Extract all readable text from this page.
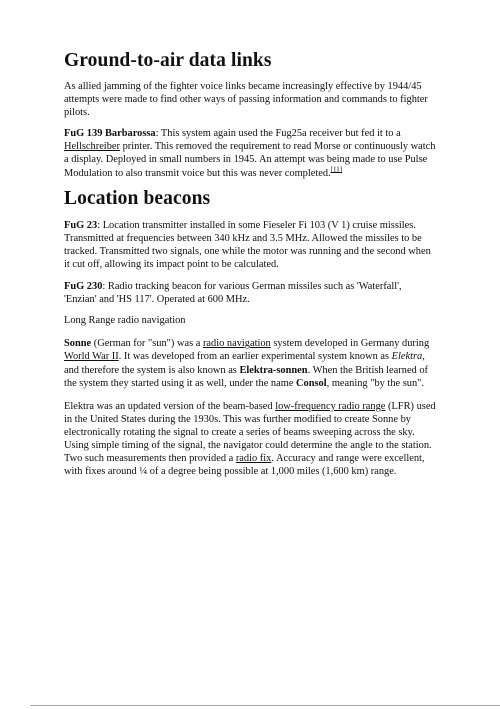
Ground-to-air data links

As allied jamming of the fighter voice links became increasingly effective by 1944/45 attempts were made to find other ways of passing information and commands to fighter pilots.

FuG 139 Barbarossa: This system again used the Fug25a receiver but fed it to a Hellschreiber printer. This removed the requirement to read Morse or continuously watch a display. Deployed in small numbers in 1945. An attempt was being made to use Pulse Modulation to also transmit voice but this was never completed.[11]

Location beacons

FuG 23: Location transmitter installed in some Fieseler Fi 103 (V 1) cruise missiles. Transmitted at frequencies between 340 kHz and 3.5 MHz. Allowed the missiles to be tracked. Transmitted two signals, one while the motor was running and the second when it cut off, allowing its impact point to be calculated.

FuG 230: Radio tracking beacon for various German missiles such as 'Waterfall', 'Enzian' and 'HS 117'. Operated at 600 MHz.

Long Range radio navigation

Sonne (German for "sun") was a radio navigation system developed in Germany during World War II. It was developed from an earlier experimental system known as Elektra, and therefore the system is also known as Elektra-sonnen. When the British learned of the system they started using it as well, under the name Consol, meaning "by the sun".

Elektra was an updated version of the beam-based low-frequency radio range (LFR) used in the United States during the 1930s. This was further modified to create Sonne by electronically rotating the signal to create a series of beams sweeping across the sky. Using simple timing of the signal, the navigator could determine the angle to the station. Two such measurements then provided a radio fix. Accuracy and range were excellent, with fixes around ¼ of a degree being possible at 1,000 miles (1,600 km) range.
